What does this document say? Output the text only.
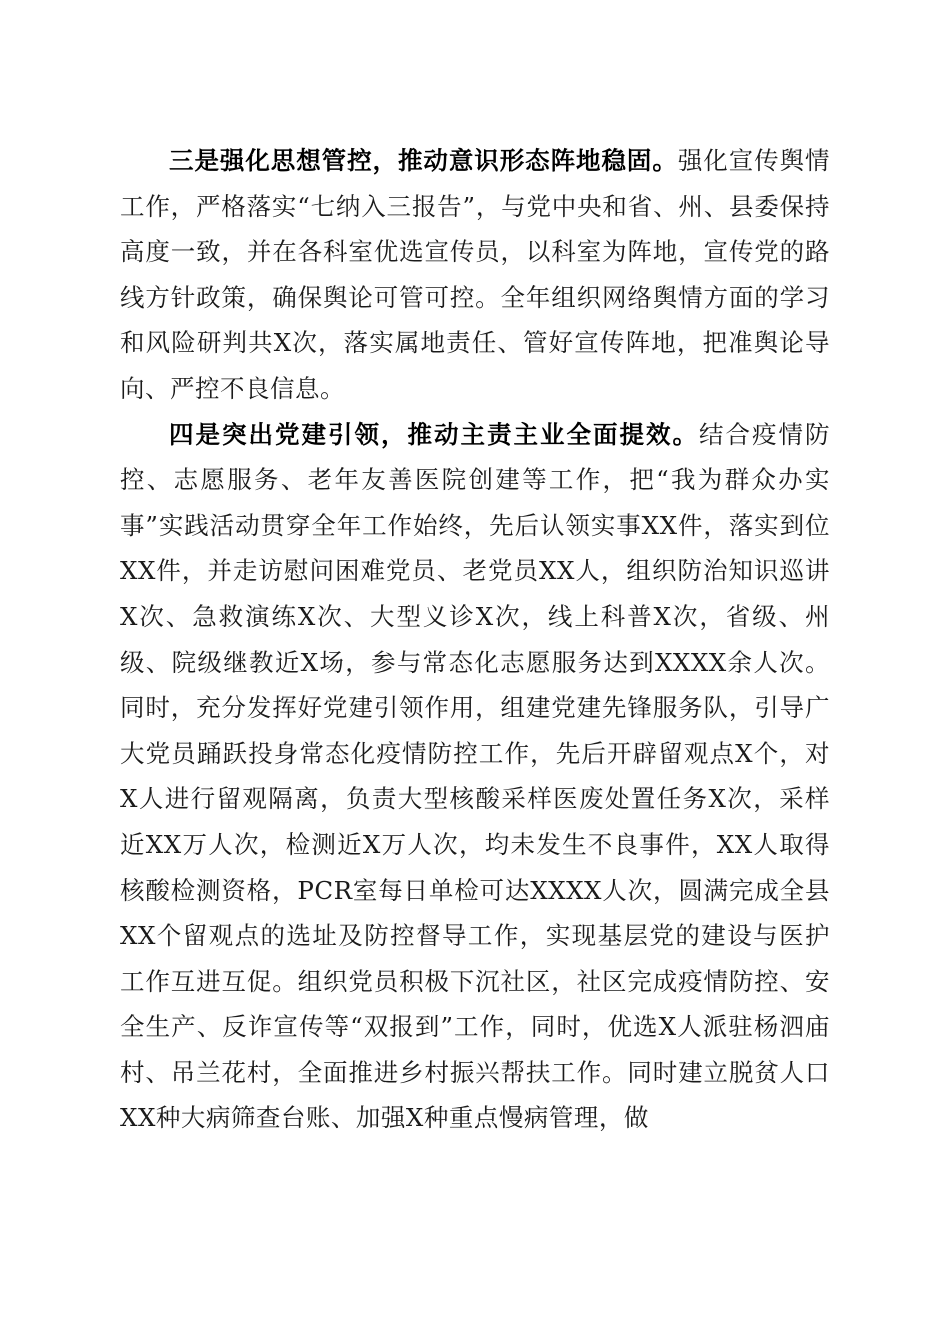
三是强化思想管控，推动意识形态阵地稳固。强化宣传舆情工作，严格落实“七纳入三报告”，与党中央和省、州、县委保持高度一致，并在各科室优选宣传员，以科室为阵地，宣传党的路线方针政策，确保舆论可管可控。全年组织网络舆情方面的学习和风险研判共X次，落实属地责任、管好宣传阵地，把准舆论导向、严控不良信息。

四是突出党建引领，推动主责主业全面提效。结合疫情防控、志愿服务、老年友善医院创建等工作，把“我为群众办实事”实践活动贯穿全年工作始终，先后认领实事XX件，落实到位XX件，并走访慰问困难党员、老党员XX人，组织防治知识巡讲X次、急救演练X次、大型义诊X次，线上科普X次，省级、州级、院级继教近X场，参与常态化志愿服务达到XXXX余人次。同时，充分发挥好党建引领作用，组建党建先锋服务队，引导广大党员踊跃投身常态化疫情防控工作，先后开辟留观点X个，对X人进行留观隔离，负责大型核酸采样医废处置任务X次，采样近XX万人次，检测近X万人次，均未发生不良事件，XX人取得核酸检测资格，PCR室每日单检可达XXXX人次，圆满完成全县XX个留观点的选址及防控督导工作，实现基层党的建设与医护工作互进互促。组织党员积极下沉社区，社区完成疫情防控、安全生产、反诈宣传等“双报到”工作，同时，优选X人派驻杨泗庙村、吊兰花村，全面推进乡村振兴帮扶工作。同时建立脱贫人口XX种大病筛查台账、加强X种重点慢病管理，做
